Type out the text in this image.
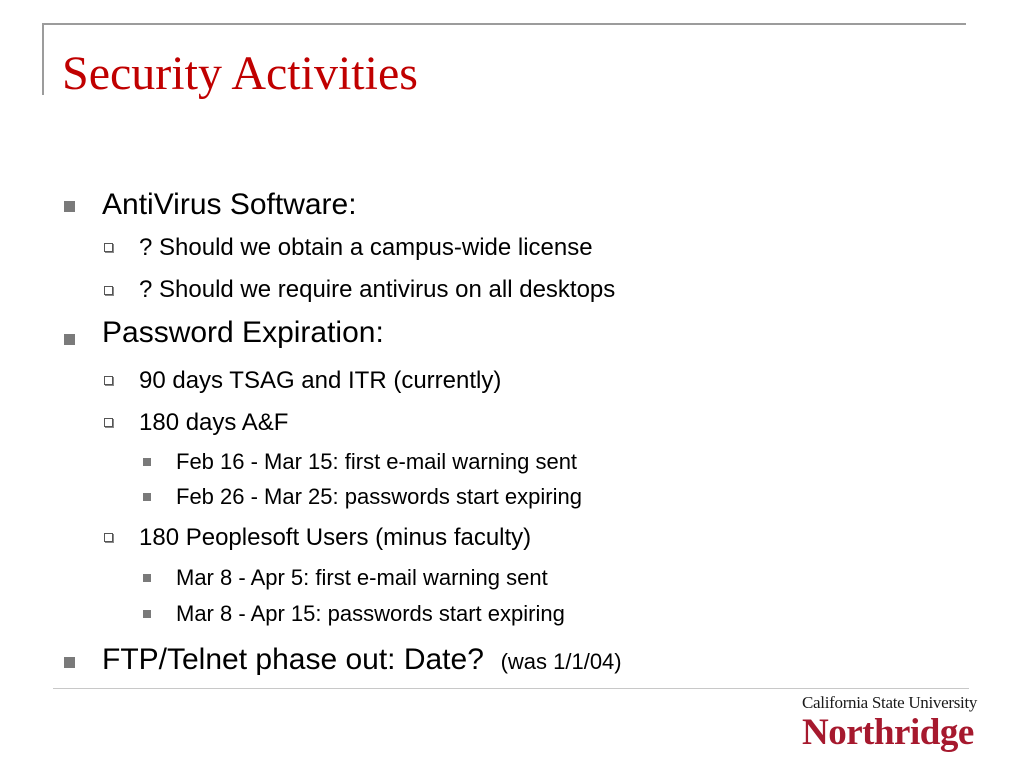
Security Activities
AntiVirus Software:
? Should we obtain a campus-wide license
? Should we require antivirus on all desktops
Password Expiration:
90 days TSAG and ITR (currently)
180 days A&F
Feb 16 - Mar 15: first e-mail warning sent
Feb 26 - Mar 25: passwords start expiring
180 Peoplesoft Users (minus faculty)
Mar 8 - Apr 5: first e-mail warning sent
Mar 8 - Apr 15: passwords start expiring
FTP/Telnet phase out: Date? (was 1/1/04)
California State University
Northridge
